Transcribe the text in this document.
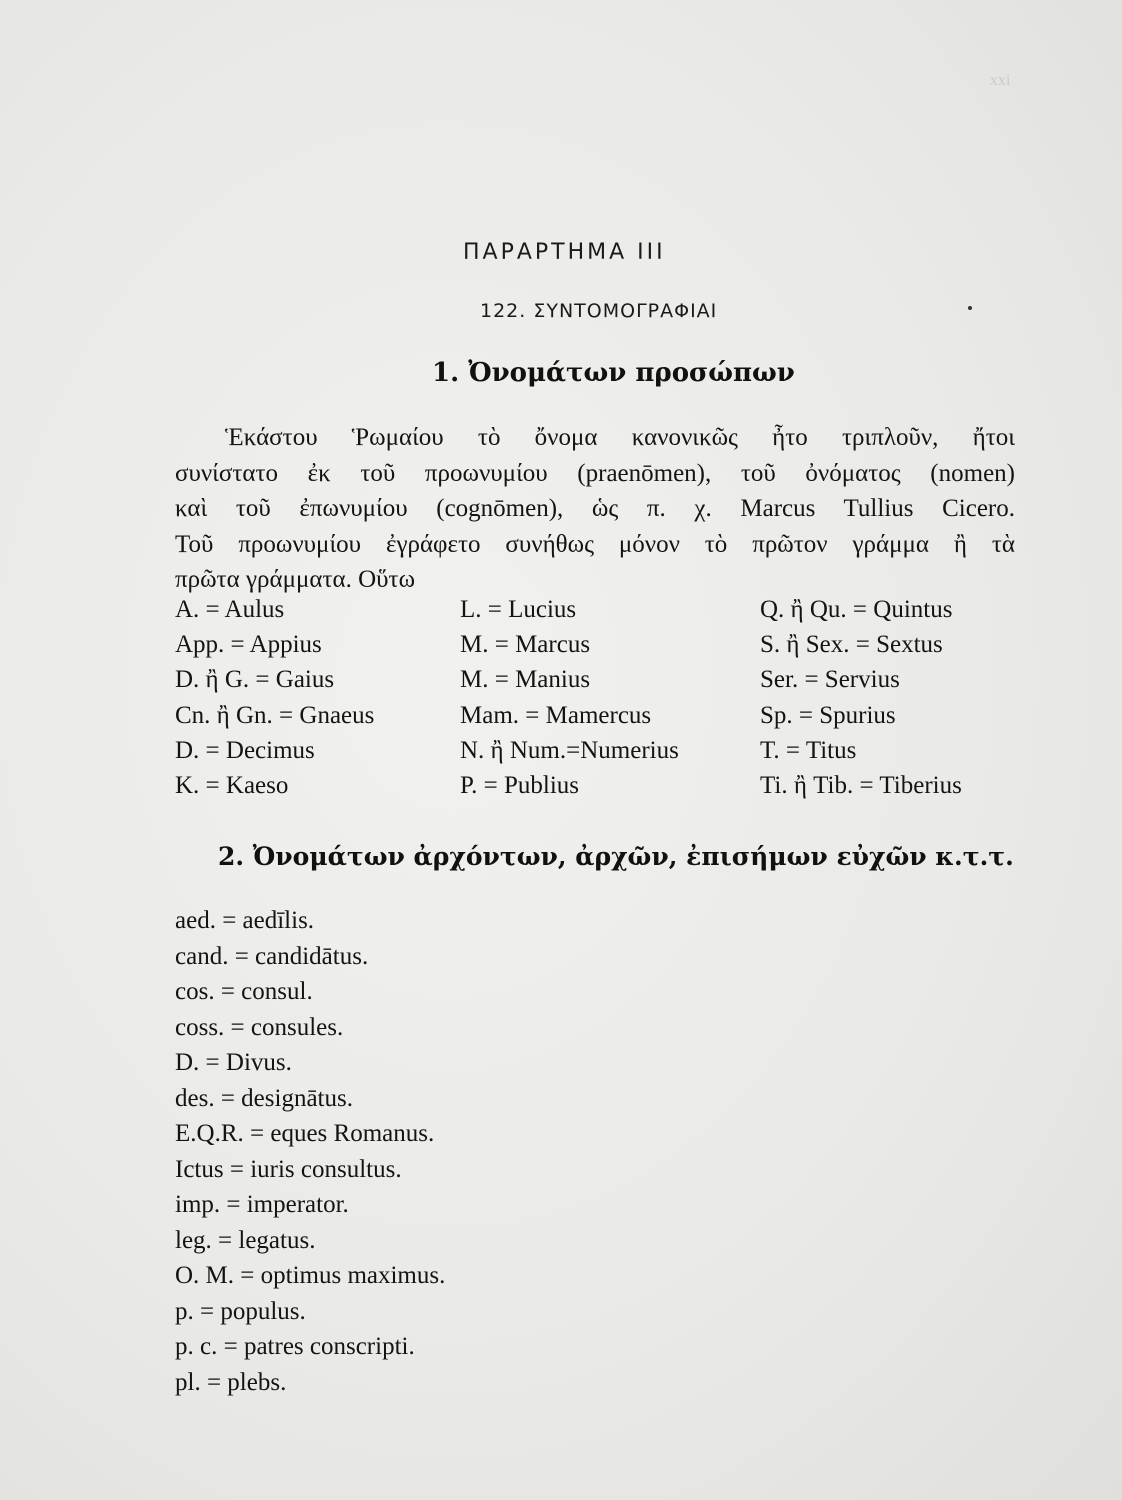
xxi
ΠΑΡΑΡΤΗΜΑ ΙΙΙ
122. ΣΥΝΤΟΜΟΓΡΑΦΙΑΙ
1. Ὀνομάτων προσώπων
Ἑκάστου Ῥωμαίου τὸ ὄνομα κανονικῶς ἦτο τριπλοῦν, ἤτοι
συνίστατο ἐκ τοῦ προωνυμίου (praenōmen), τοῦ ὀνόματος (nomen)
καὶ τοῦ ἐπωνυμίου (cognōmen), ὡς π. χ. Marcus Tullius Cicero.
Τοῦ προωνυμίου ἐγράφετο συνήθως μόνον τὸ πρῶτον γράμμα ἢ τὰ
πρῶτα γράμματα. Οὕτω
A. = Aulus
App. = Appius
D. ἢ G. = Gaius
Cn. ἢ Gn. = Gnaeus
D. = Decimus
K. = Kaeso
L. = Lucius
M. = Marcus
M. = Manius
Mam. = Mamercus
N. ἢ Num.=Numerius
P. = Publius
Q. ἢ Qu. = Quintus
S. ἢ Sex. = Sextus
Ser. = Servius
Sp. = Spurius
T. = Titus
Ti. ἢ Tib. = Tiberius
2. Ὀνομάτων ἀρχόντων, ἀρχῶν, ἐπισήμων εὐχῶν κ.τ.τ.
aed. = aedīlis.
cand. = candidātus.
cos. = consul.
coss. = consules.
D. = Divus.
des. = designātus.
E.Q.R. = eques Romanus.
Ictus = iuris consultus.
imp. = imperator.
leg. = legatus.
O. M. = optimus maximus.
p. = populus.
p. c. = patres conscripti.
pl. = plebs.
